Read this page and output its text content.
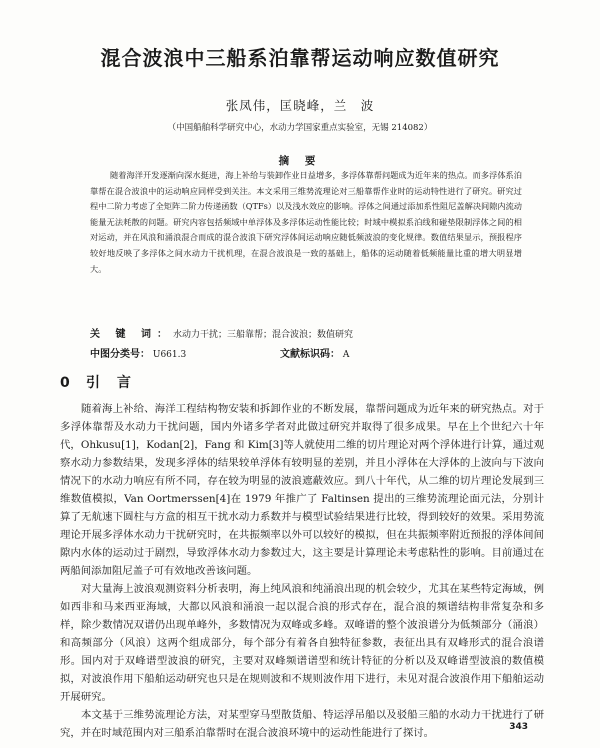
混合波浪中三船系泊靠帮运动响应数值研究
张凤伟，匡晓峰，兰　波
（中国船舶科学研究中心，水动力学国家重点实验室，无锡 214082）
摘 要
随着海洋开发逐渐向深水挺进，海上补给与装卸作业日益增多，多浮体靠帮问题成为近年来的热点。而多浮体系泊靠帮在混合波浪中的运动响应同样受到关注。本文采用三维势流理论对三船靠帮作业时的运动特性进行了研究。研究过程中二阶力考虑了全矩阵二阶力传递函数（QTFs）以及浅水效应的影响。浮体之间通过添加系性阻尼盖解决间隙内流动能量无法耗散的问题。研究内容包括频域中单浮体及多浮体运动性能比较；时域中模拟系泊线和碰垫限制浮体之间的相对运动，并在风浪和涌浪混合而成的混合波浪下研究浮体间运动响应随低频波浪的变化规律。数值结果显示，预报程序较好地反映了多浮体之间水动力干扰机理，在混合波浪是一致的基础上，船体的运动随着低频能量比重的增大明显增大。
关 键 词：水动力干扰；三船靠帮；混合波浪；数值研究
中图分类号： U661.3	文献标识码： A
0 引 言

随着海上补给、海洋工程结构物安装和拆卸作业的不断发展，靠帮问题成为近年来的研究热点。对于多浮体靠帮及水动力干扰问题，国内外诸多学者对此做过研究并取得了很多成果。早在上个世纪六十年代，Ohkusu[1]，Kodan[2]，Fang 和 Kim[3]等人就使用二维的切片理论对两个浮体进行计算，通过观察水动力参数结果，发现多浮体的结果较单浮体有较明显的差别，并且小浮体在大浮体的上波向与下波向情况下的水动力响应有所不同，存在较为明显的波浪遮蔽效应。到八十年代，从二维的切片理论发展到三维数值模拟，Van Oortmerssen[4]在 1979 年推广了 Faltinsen 提出的三维势流理论面元法，分别计算了无航速下圆柱与方盒的相互干扰水动力系数并与模型试验结果进行比较，得到较好的效果。采用势流理论开展多浮体水动力干扰研究时，在共振频率以外可以较好的模拟，但在共振频率附近预报的浮体间间隙内水体的运动过于剧烈，导致浮体水动力参数过大，这主要是计算理论未考虑粘性的影响。目前通过在两船间添加阻尼盖子可有效地改善该问题。

对大量海上波浪观测资料分析表明，海上纯风浪和纯涌浪出现的机会较少，尤其在某些特定海域，例如西非和马来西亚海域，大都以风浪和涌浪一起以混合浪的形式存在，混合浪的频谱结构非常复杂和多样，除少数情况双谱仍出现单峰外，多数情况为双峰或多峰。双峰谱的整个波浪谱分为低频部分（涌浪）和高频部分（风浪）这两个组成部分，每个部分有着各自独特征参数，表征出具有双峰形式的混合浪谱形。国内对于双峰谱型波浪的研究，主要对双峰频谱谱型和统计特征的分析以及双峰谱型波浪的数值模拟，对波浪作用下船舶运动研究也只是在规则波和不规则波作用下进行，未见对混合波浪作用下船舶运动开展研究。

本文基于三维势流理论方法，对某型穿马型散货船、特运浮吊船以及驳船三船的水动力干扰进行了研究，并在时域范围内对三船系泊靠帮时在混合波浪环境中的运动性能进行了探讨。	343
